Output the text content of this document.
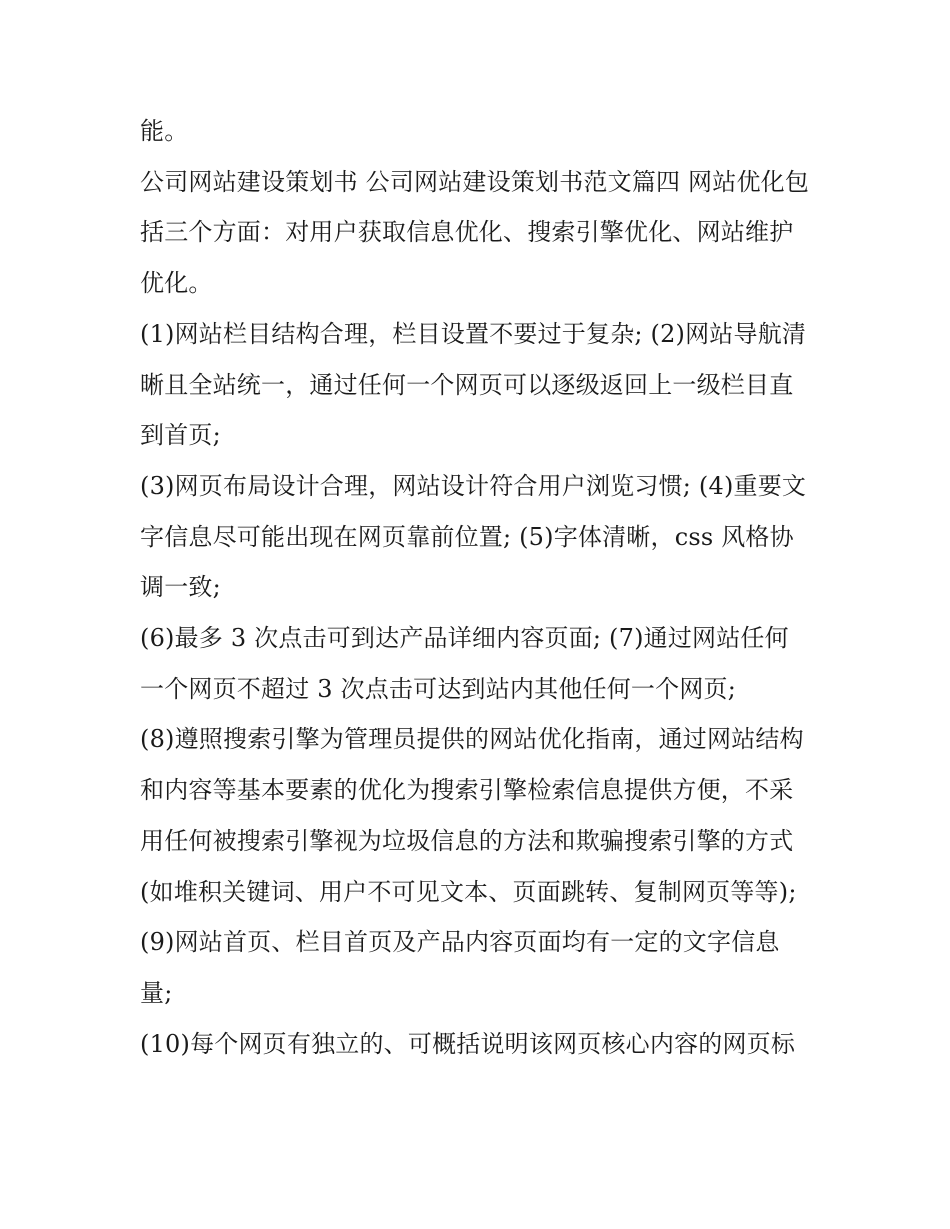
能。

公司网站建设策划书 公司网站建设策划书范文篇四 网站优化包括三个方面：对用户获取信息优化、搜索引擎优化、网站维护优化。

(1)网站栏目结构合理，栏目设置不要过于复杂; (2)网站导航清晰且全站统一，通过任何一个网页可以逐级返回上一级栏目直到首页;

(3)网页布局设计合理，网站设计符合用户浏览习惯; (4)重要文字信息尽可能出现在网页靠前位置; (5)字体清晰，css 风格协调一致;

(6)最多 3 次点击可到达产品详细内容页面; (7)通过网站任何一个网页不超过 3 次点击可达到站内其他任何一个网页;

(8)遵照搜索引擎为管理员提供的网站优化指南，通过网站结构和内容等基本要素的优化为搜索引擎检索信息提供方便，不采用任何被搜索引擎视为垃圾信息的方法和欺骗搜索引擎的方式(如堆积关键词、用户不可见文本、页面跳转、复制网页等等);

(9)网站首页、栏目首页及产品内容页面均有一定的文字信息量;

(10)每个网页有独立的、可概括说明该网页核心内容的网页标
